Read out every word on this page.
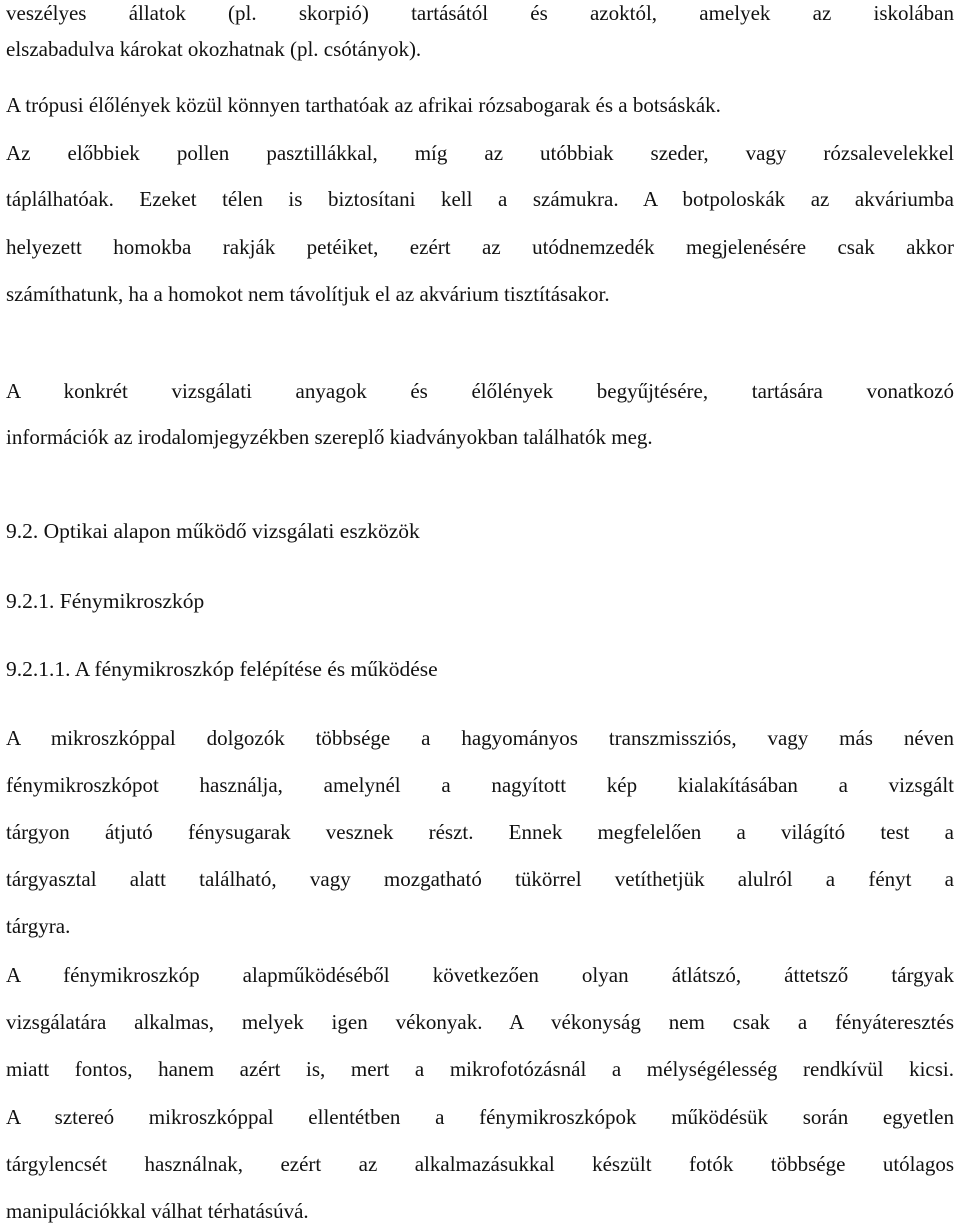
veszélyes állatok (pl. skorpió) tartásától és azoktól, amelyek az iskolában
elszabadulva károkat okozhatnak (pl. csótányok).
A trópusi élőlények közül könnyen tarthatóak az afrikai rózsabogarak és a botsáskák.
Az előbbiek pollen pasztillákkal, míg az utóbbiak szeder, vagy rózsalevelekkel
táplálhatóak. Ezeket télen is biztosítani kell a számukra. A botpoloskák az akváriumba
helyezett homokba rakják petéiket, ezért az utódnemzedék megjelenésére csak akkor
számíthatunk, ha a homokot nem távolítjuk el az akvárium tisztításakor.
A konkrét vizsgálati anyagok és élőlények begyűjtésére, tartására vonatkozó
információk az irodalomjegyzékben szereplő kiadványokban találhatók meg.
9.2. Optikai alapon működő vizsgálati eszközök
9.2.1. Fénymikroszkóp
9.2.1.1. A fénymikroszkóp felépítése és működése
A mikroszkóppal dolgozók többsége a hagyományos transzmissziós, vagy más néven
fénymikroszkópot használja, amelynél a nagyított kép kialakításában a vizsgált
tárgyon átjutó fénysugarak vesznek részt. Ennek megfelelően a világító test a
tárgyasztal alatt található, vagy mozgatható tükörrel vetíthetjük alulról a fényt a
tárgyra.
A fénymikroszkóp alapműködéséből következően olyan átlátszó, áttetsző tárgyak
vizsgálatára alkalmas, melyek igen vékonyak. A vékonyság nem csak a fényáteresztés
miatt fontos, hanem azért is, mert a mikrofotózásnál a mélységélesség rendkívül kicsi.
A sztereó mikroszkóppal ellentétben a fénymikroszkópok működésük során egyetlen
tárgylencsét használnak, ezért az alkalmazásukkal készült fotók többsége utólagos
manipulációkkal válhat térhatásúvá.
